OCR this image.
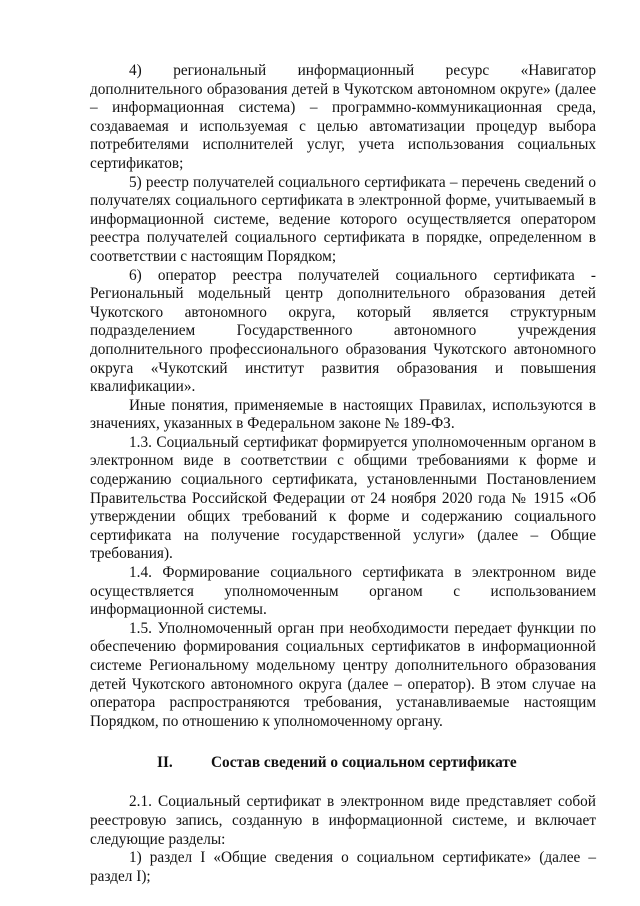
4) региональный информационный ресурс «Навигатор дополнительного образования детей в Чукотском автономном округе» (далее – информационная система) – программно-коммуникационная среда, создаваемая и используемая с целью автоматизации процедур выбора потребителями исполнителей услуг, учета использования социальных сертификатов;

5) реестр получателей социального сертификата – перечень сведений о получателях социального сертификата в электронной форме, учитываемый в информационной системе, ведение которого осуществляется оператором реестра получателей социального сертификата в порядке, определенном в соответствии с настоящим Порядком;

6) оператор реестра получателей социального сертификата - Региональный модельный центр дополнительного образования детей Чукотского автономного округа, который является структурным подразделением Государственного автономного учреждения дополнительного профессионального образования Чукотского автономного округа «Чукотский институт развития образования и повышения квалификации».

Иные понятия, применяемые в настоящих Правилах, используются в значениях, указанных в Федеральном законе № 189-ФЗ.

1.3. Социальный сертификат формируется уполномоченным органом в электронном виде в соответствии с общими требованиями к форме и содержанию социального сертификата, установленными Постановлением Правительства Российской Федерации от 24 ноября 2020 года № 1915 «Об утверждении общих требований к форме и содержанию социального сертификата на получение государственной услуги» (далее – Общие требования).

1.4. Формирование социального сертификата в электронном виде осуществляется уполномоченным органом с использованием информационной системы.

1.5. Уполномоченный орган при необходимости передает функции по обеспечению формирования социальных сертификатов в информационной системе Региональному модельному центру дополнительного образования детей Чукотского автономного округа (далее – оператор). В этом случае на оператора распространяются требования, устанавливаемые настоящим Порядком, по отношению к уполномоченному органу.

II.	Состав сведений о социальном сертификате

2.1. Социальный сертификат в электронном виде представляет собой реестровую запись, созданную в информационной системе, и включает следующие разделы:

1) раздел I «Общие сведения о социальном сертификате» (далее – раздел I);
